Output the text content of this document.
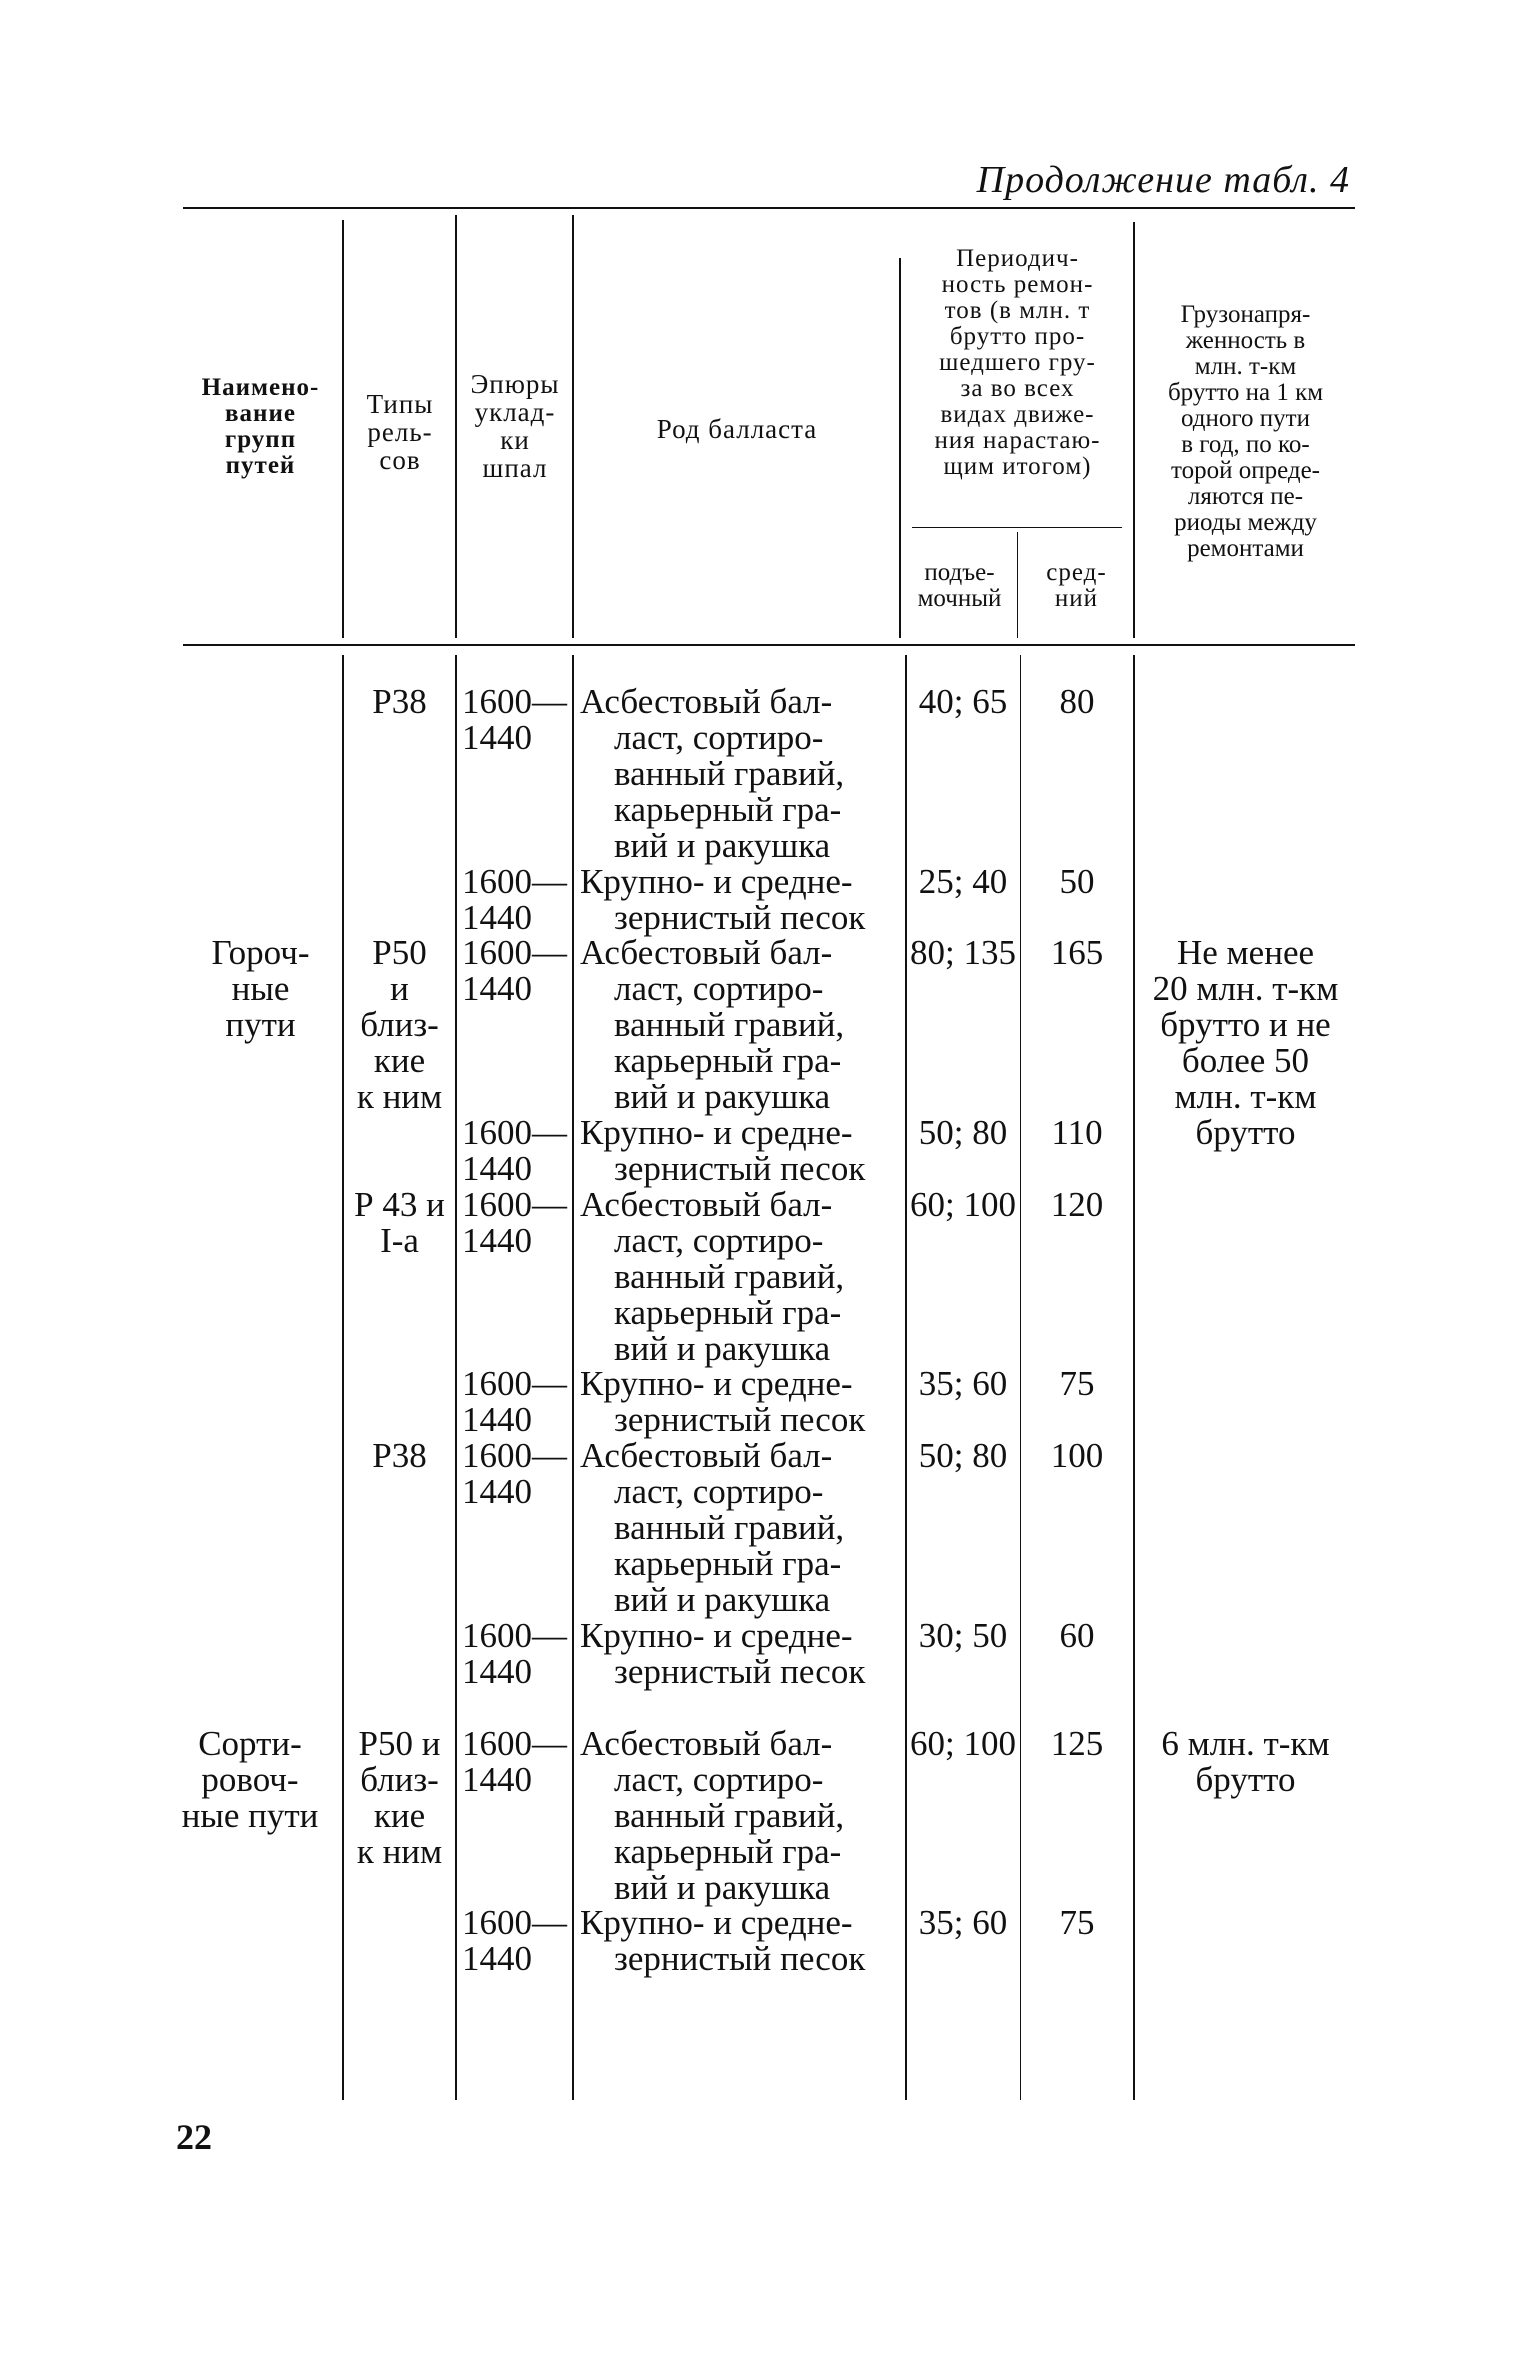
Продолжение табл. 4
Наимено-
вание
групп
путей
Типы
рель-
сов
Эпюры
уклад-
ки
шпал
Род балласта
Периодич-
ность ремон-
тов (в млн. т
брутто про-
шедшего гру-
за во всех
видах движе-
ния нарастаю-
щим итогом)
подъе-
мочный
сред-
ний
Грузонапря-
женность в
млн. т-км
брутто на 1 км
одного пути
в год, по ко-
торой опреде-
ляются пе-
риоды между
ремонтами
Гороч-
ные
пути
Сорти-
ровоч-
ные пути
Р38
Р50
и
близ-
кие
к ним
Р 43 и
I-а
Р38
Р50 и
близ-
кие
к ним
1600—
1440
1600—
1440
1600—
1440
1600—
1440
1600—
1440
1600—
1440
1600—
1440
1600—
1440
1600—
1440
1600—
1440
Асбестовый бал-
ласт, сортиро-
ванный гравий,
карьерный гра-
вий и ракушка
Крупно- и средне-
зернистый песок
Асбестовый бал-
ласт, сортиро-
ванный гравий,
карьерный гра-
вий и ракушка
Крупно- и средне-
зернистый песок
Асбестовый бал-
ласт, сортиро-
ванный гравий,
карьерный гра-
вий и ракушка
Крупно- и средне-
зернистый песок
Асбестовый бал-
ласт, сортиро-
ванный гравий,
карьерный гра-
вий и ракушка
Крупно- и средне-
зернистый песок
Асбестовый бал-
ласт, сортиро-
ванный гравий,
карьерный гра-
вий и ракушка
Крупно- и средне-
зернистый песок
40; 65
25; 40
80; 135
50; 80
60; 100
35; 60
50; 80
30; 50
60; 100
35; 60
80
50
165
110
120
75
100
60
125
75
Не менее
20 млн. т-км
брутто и не
более 50
млн. т-км
брутто
6 млн. т-км
брутто
22
